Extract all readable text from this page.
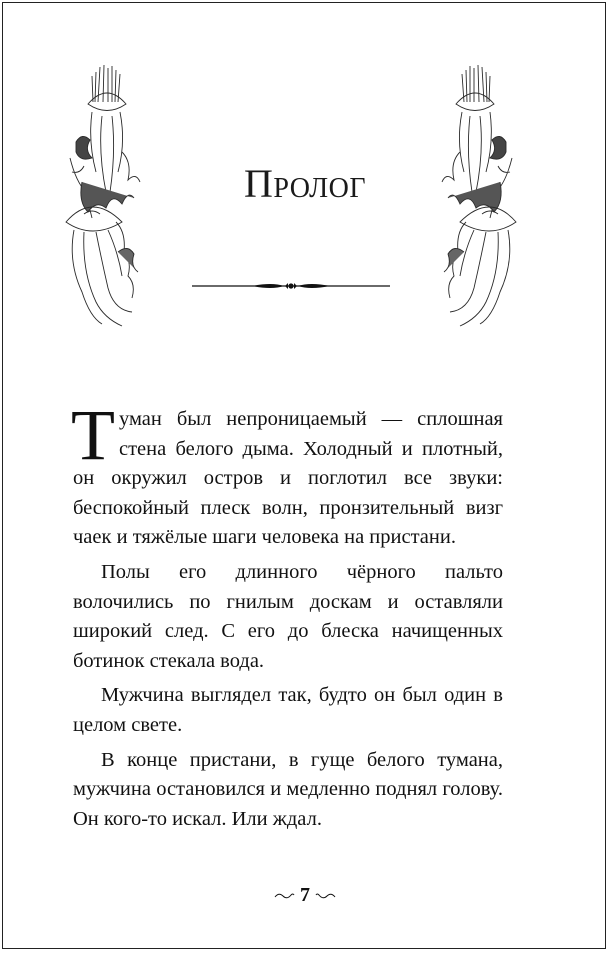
Пролог

Туман был непроницаемый — сплошная стена белого дыма. Холодный и плотный, он окружил остров и поглотил все звуки: беспокойный плеск волн, пронзительный визг чаек и тяжёлые шаги человека на пристани.

Полы его длинного чёрного пальто волочились по гнилым доскам и оставляли широкий след. С его до блеска начищенных ботинок стекала вода.

Мужчина выглядел так, будто он был один в целом свете.

В конце пристани, в гуще белого тумана, мужчина остановился и медленно поднял голову. Он кого-то искал. Или ждал.

7
